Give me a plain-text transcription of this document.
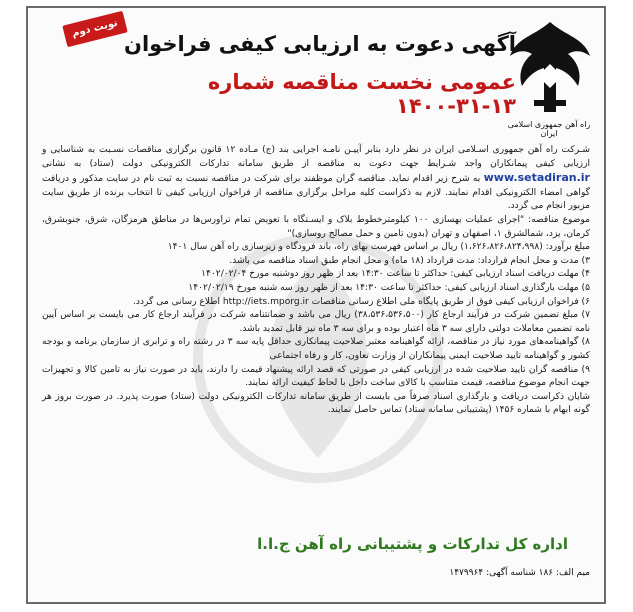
نوبت دوم
آگهی دعوت به ارزیابی کیفی فراخوان
عمومی نخست مناقصه شماره ۱۳-۳۱-۱۴۰۰
راه آهن جمهوری اسلامی ایران

شـرکت راه آهن جمهوری اسـلامی ایران در نظر دارد بنابر آییـن نامـه اجرایی بند (ج) مـاده ۱۲ قانون برگزاری مناقصات نسـبت به شناسایی و ارزیابی کیفی پیمانکاران واجد شـرایط جهت دعوت به مناقصه از طریق سامانه تدارکات الکترونیکی دولت (ستاد) به نشانی www.setadiran.ir به شرح زیر اقدام نماید. مناقصه گران موظفند برای شرکت در مناقصه نسبت به ثبت نام در سایت مذکور و دریافت گواهی امضاء الکترونیکی اقدام نمایند. لازم به ذکراست کلیه مراحل برگزاری مناقصه از فراخوان ارزیابی کیفی تا انتخاب برنده از طریق سایت مزبور انجام می گردد.

موضوع مناقصه: "اجرای عملیات بهسازی ۱۰۰ کیلومترخطوط بلاک و ایسـتگاه با تعویض تمام تراورس‌ها در مناطق هرمزگان، شرق، جنوبشرق، کرمان، یزد، شمالشرق ۱، اصفهان و تهران (بدون تامین و حمل مصالح روسازی)"

مبلغ برآورد: (۱،۶۲۶،۸۲۶،۸۲۴،۹۹۸) ریال بر اساس فهرست بهای راه، باند فرودگاه و زیرسازی راه آهن سال ۱۴۰۱

۳) مدت و محل انجام قرارداد: مدت قرارداد (۱۸ ماه) و محل انجام طبق اسناد مناقصه می باشد.

۴) مهلت دریافت اسناد ارزیابی کیفی: حداکثر تا ساعت ۱۴:۳۰ بعد از ظهر روز دوشنبه مورخ ۱۴۰۲/۰۲/۰۴

۵) مهلت بارگذاری اسناد ارزیابی کیفی: حداکثر تا ساعت ۱۴:۳۰ بعد از ظهر روز سه شنبه مورخ ۱۴۰۲/۰۲/۱۹

۶) فراخوان ارزیابی کیفی فوق از طریق پایگاه ملی اطلاع رسانی مناقصات http://iets.mporg.ir اطلاع رسانی می گردد.

۷) مبلغ تضمین شرکت در فرآیند ارجاع کار (۳۸،۵۳۶،۵۳۶،۵۰۰) ریال می باشد و ضمانتنامه شرکت در فرآیند ارجاع کار می بایست بر اساس آیین نامه تضمین معاملات دولتی دارای سه ۳ ماه اعتبار بوده و برای سه ۳ ماه نیز قابل تمدید باشد.

۸) گواهینامه‌های مورد نیاز در مناقصه، ارائه گواهینامه معتبر صلاحیت پیمانکاری حداقل پایه سه ۳ در رشته راه و ترابری از سازمان برنامه و بودجه کشور و گواهینامه تایید صلاحیت ایمنی پیمانکاران از وزارت تعاون، کار و رفاه اجتماعی

۹) مناقصه گران تایید صلاحیت شده در ارزیابی کیفی در صورتی که قصد ارائه پیشنهاد قیمت را دارند، باید در صورت نیاز به تامین کالا و تجهیزات جهت انجام موضوع مناقصه، قیمت متناسب با کالای ساخت داخل با لحاظ کیفیت ارائه نمایند.

شایان ذکراست دریافت و بارگذاری اسناد صرفاً می بایست از طریق سامانه تدارکات الکترونیکی دولت (ستاد) صورت پذیرد. در صورت بروز هر گونه ابهام با شماره ۱۴۵۶ (پشتیبانی سامانه ستاد) تماس حاصل نمایند.

اداره کل تدارکات و پشتیبانی راه آهن ج.ا.ا
میم الف: ۱۸۶ شناسه آگهی: ۱۴۷۹۹۶۴
